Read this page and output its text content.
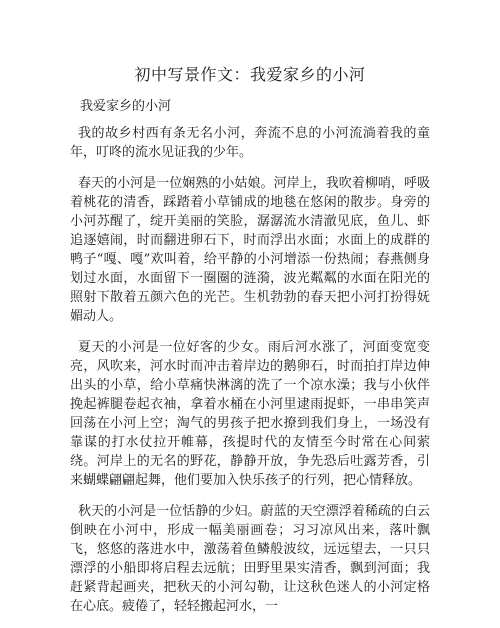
初中写景作文：我爱家乡的小河
我爱家乡的小河

我的故乡村西有条无名小河，奔流不息的小河流淌着我的童年，叮咚的流水见证我的少年。

春天的小河是一位娴熟的小姑娘。河岸上，我吹着柳哨，呼吸着桃花的清香，踩踏着小草铺成的地毯在悠闲的散步。身旁的小河苏醒了，绽开美丽的笑脸，潺潺流水清澈见底，鱼儿、虾追逐嬉闹，时而翻进卵石下，时而浮出水面；水面上的成群的鸭子“嘎、嘎”欢叫着，给平静的小河增添一份热闹；春燕侧身划过水面，水面留下一圈圈的涟漪，波光粼粼的水面在阳光的照射下散着五颜六色的光芒。生机勃勃的春天把小河打扮得妩媚动人。

夏天的小河是一位好客的少女。雨后河水涨了，河面变宽变亮，风吹来，河水时而冲击着岸边的鹅卵石，时而拍打岸边伸出头的小草，给小草痛快淋漓的洗了一个凉水澡；我与小伙伴挽起裤腿卷起衣袖，拿着水桶在小河里逮雨捉虾，一串串笑声回荡在小河上空；淘气的男孩子把水撩到我们身上，一场没有靠谋的打水仗拉开帷幕，孩提时代的友情至今时常在心间萦绕。河岸上的无名的野花，静静开放，争先恐后吐露芳香，引来蝴蝶翩翩起舞，他们要加入快乐孩子的行列，把心情释放。

秋天的小河是一位恬静的少妇。蔚蓝的天空漂浮着稀疏的白云倒映在小河中，形成一幅美丽画卷；习习凉风出来，落叶飘飞，悠悠的落进水中，激荡着鱼鳞般波纹，远远望去，一只只漂浮的小船即将启程去远航；田野里果实清香，飘到河面；我赶紧背起画夹，把秋天的小河勾勒，让这秋色迷人的小河定格在心底。疲倦了，轻轻搬起河水，一
